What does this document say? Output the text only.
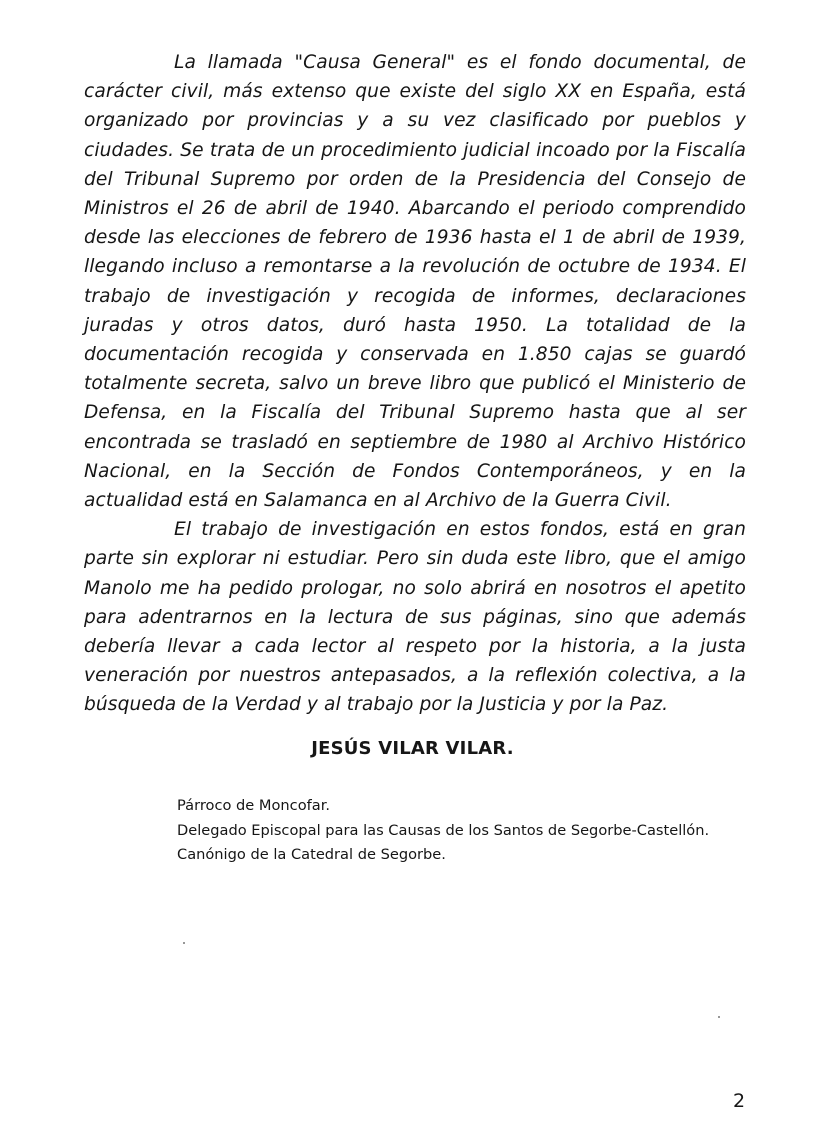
La llamada "Causa General" es el fondo documental, de carácter civil, más extenso que existe del siglo XX en España, está organizado por provincias y a su vez clasificado por pueblos y ciudades. Se trata de un procedimiento judicial incoado por la Fiscalía del Tribunal Supremo por orden de la Presidencia del Consejo de Ministros el 26 de abril de 1940. Abarcando el periodo comprendido desde las elecciones de febrero de 1936 hasta el 1 de abril de 1939, llegando incluso a remontarse a la revolución de octubre de 1934. El trabajo de investigación y recogida de informes, declaraciones juradas y otros datos, duró hasta 1950. La totalidad de la documentación recogida y conservada en 1.850 cajas se guardó totalmente secreta, salvo un breve libro que publicó el Ministerio de Defensa, en la Fiscalía del Tribunal Supremo hasta que al ser encontrada se trasladó en septiembre de 1980 al Archivo Histórico Nacional, en la Sección de Fondos Contemporáneos, y en la actualidad está en Salamanca en al Archivo de la Guerra Civil.

El trabajo de investigación en estos fondos, está en gran parte sin explorar ni estudiar. Pero sin duda este libro, que el amigo Manolo me ha pedido prologar, no solo abrirá en nosotros el apetito para adentrarnos en la lectura de sus páginas, sino que además debería llevar a cada lector al respeto por la historia, a la justa veneración por nuestros antepasados, a la reflexión colectiva, a la búsqueda de la Verdad y al trabajo por la Justicia y por la Paz.

JESÚS VILAR VILAR.
Párroco de Moncofar.
Delegado Episcopal para las Causas de los Santos de Segorbe-Castellón.
Canónigo de la Catedral de Segorbe.
2
